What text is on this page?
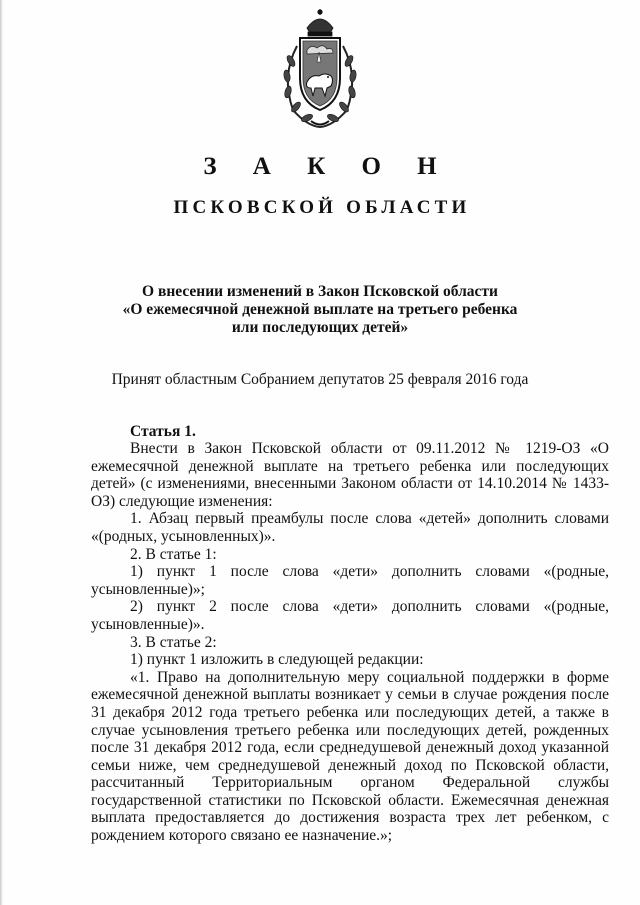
З А К О Н
ПСКОВСКОЙ ОБЛАСТИ
О внесении изменений в Закон Псковской области
«О ежемесячной денежной выплате на третьего ребенка
или последующих детей»
Принят областным Собранием депутатов 25 февраля 2016 года
Статья 1.

Внести в Закон Псковской области от 09.11.2012 № 1219-ОЗ «О ежемесячной денежной выплате на третьего ребенка или последующих детей» (с изменениями, внесенными Законом области от 14.10.2014 № 1433-ОЗ) следующие изменения:

1. Абзац первый преамбулы после слова «детей» дополнить словами «(родных, усыновленных)».

2. В статье 1:

1) пункт 1 после слова «дети» дополнить словами «(родные, усыновленные)»;

2) пункт 2 после слова «дети» дополнить словами «(родные, усыновленные)».

3. В статье 2:

1) пункт 1 изложить в следующей редакции:

«1. Право на дополнительную меру социальной поддержки в форме ежемесячной денежной выплаты возникает у семьи в случае рождения после 31 декабря 2012 года третьего ребенка или последующих детей, а также в случае усыновления третьего ребенка или последующих детей, рожденных после 31 декабря 2012 года, если среднедушевой денежный доход указанной семьи ниже, чем среднедушевой денежный доход по Псковской области, рассчитанный Территориальным органом Федеральной службы государственной статистики по Псковской области. Ежемесячная денежная выплата предоставляется до достижения возраста трех лет ребенком, с рождением которого связано ее назначение.»;
